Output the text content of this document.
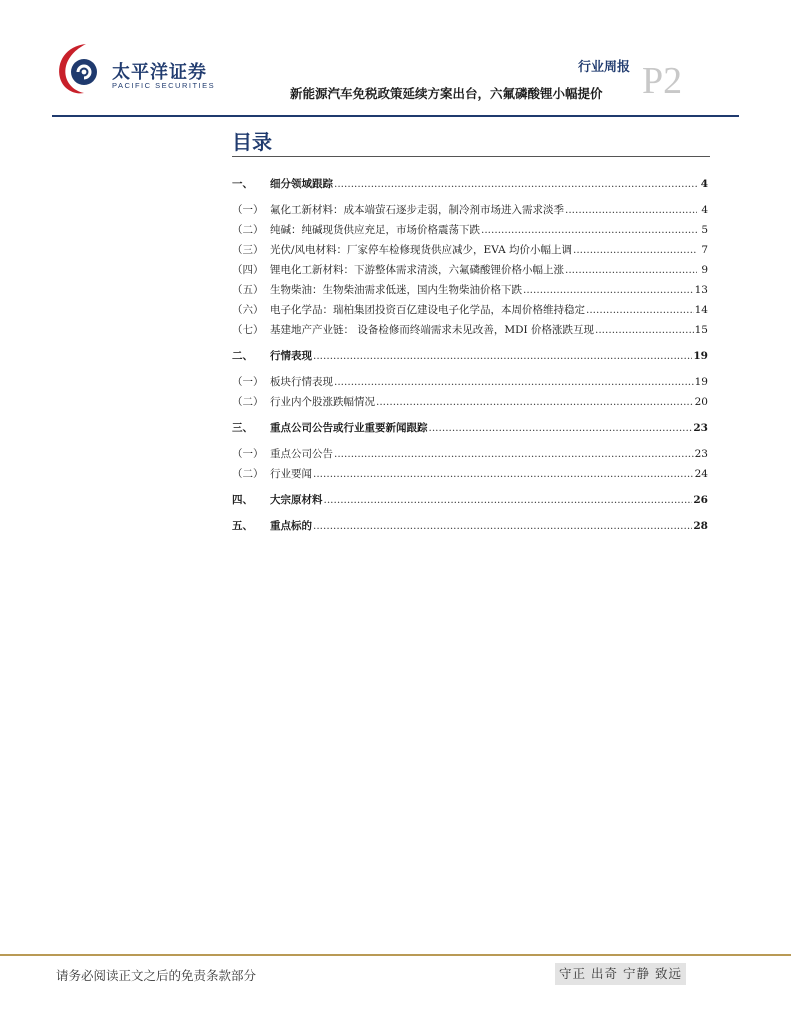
太平洋证券
PACIFIC SECURITIES
行业周报
新能源汽车免税政策延续方案出台，六氟磷酸锂小幅提价 P2
目录
一、	细分领域跟踪 .....	4
（一） 氟化工新材料：成本端萤石逐步走弱，制冷剂市场进入需求淡季 .....	4
（二） 纯碱：纯碱现货供应充足，市场价格震荡下跌 .....	5
（三） 光伏/风电材料：厂家停车检修现货供应减少，EVA 均价小幅上调 .....	7
（四） 锂电化工新材料：下游整体需求清淡，六氟磷酸锂价格小幅上涨 .....	9
（五） 生物柴油：生物柴油需求低迷，国内生物柴油价格下跌 .....	13
（六） 电子化学品：瑞柏集团投资百亿建设电子化学品，本周价格维持稳定 .....	14
（七） 基建地产产业链： 设备检修而终端需求未见改善，MDI 价格涨跌互现 .....	15
二、	行情表现 .....	19
（一） 板块行情表现 .....	19
（二） 行业内个股涨跌幅情况 .....	20
三、	重点公司公告或行业重要新闻跟踪 .....	23
（一） 重点公司公告 .....	23
（二） 行业要闻 .....	24
四、	大宗原材料 .....	26
五、	重点标的 .....	28
请务必阅读正文之后的免责条款部分	守正 出奇 宁静 致远
